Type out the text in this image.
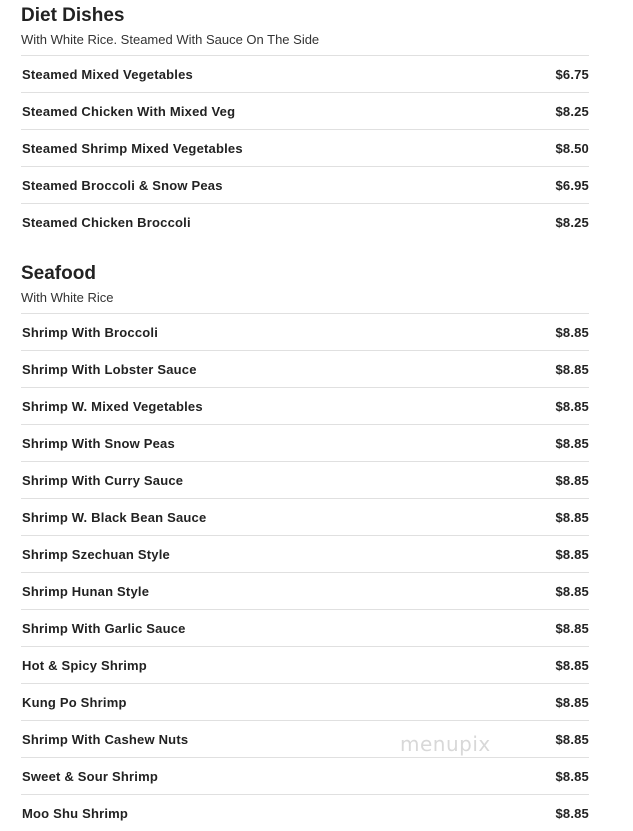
Diet Dishes
With White Rice. Steamed With Sauce On The Side
Steamed Mixed Vegetables	$6.75
Steamed Chicken With Mixed Veg	$8.25
Steamed Shrimp Mixed Vegetables	$8.50
Steamed Broccoli & Snow Peas	$6.95
Steamed Chicken Broccoli	$8.25
Seafood
With White Rice
Shrimp With Broccoli	$8.85
Shrimp With Lobster Sauce	$8.85
Shrimp W. Mixed Vegetables	$8.85
Shrimp With Snow Peas	$8.85
Shrimp With Curry Sauce	$8.85
Shrimp W. Black Bean Sauce	$8.85
Shrimp Szechuan Style	$8.85
Shrimp Hunan Style	$8.85
Shrimp With Garlic Sauce	$8.85
Hot & Spicy Shrimp	$8.85
Kung Po Shrimp	$8.85
Shrimp With Cashew Nuts	$8.85
Sweet & Sour Shrimp	$8.85
Moo Shu Shrimp	$8.85
menupix
